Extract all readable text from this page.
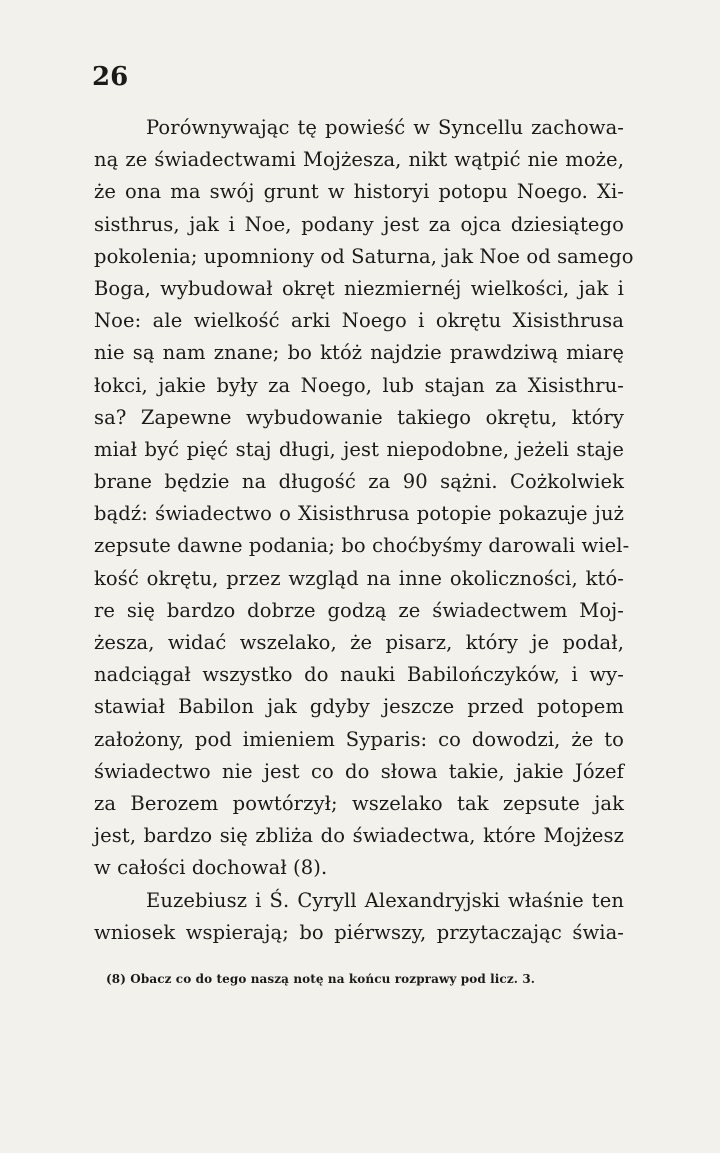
26
Porównywając tę powieść w Syncellu zachowa-
ną ze świadectwami Mojżesza, nikt wątpić nie może,
że ona ma swój grunt w historyi potopu Noego. Xi-
sisthrus, jak i Noe, podany jest za ojca dziesiątego
pokolenia; upomniony od Saturna, jak Noe od samego
Boga, wybudował okręt niezmiernéj wielkości, jak i
Noe: ale wielkość arki Noego i okrętu Xisisthrusa
nie są nam znane; bo któż najdzie prawdziwą miarę
łokci, jakie były za Noego, lub stajan za Xisisthru-
sa? Zapewne wybudowanie takiego okrętu, który
miał być pięć staj długi, jest niepodobne, jeżeli staje
brane będzie na długość za 90 sążni. Cożkolwiek
bądź: świadectwo o Xisisthrusa potopie pokazuje już
zepsute dawne podania; bo choćbyśmy darowali wiel-
kość okrętu, przez wzgląd na inne okoliczności, któ-
re się bardzo dobrze godzą ze świadectwem Moj-
żesza, widać wszelako, że pisarz, który je podał,
nadciągał wszystko do nauki Babilończyków, i wy-
stawiał Babilon jak gdyby jeszcze przed potopem
założony, pod imieniem Syparis: co dowodzi, że to
świadectwo nie jest co do słowa takie, jakie Józef
za Berozem powtórzył; wszelako tak zepsute jak
jest, bardzo się zbliża do świadectwa, które Mojżesz
w całości dochował (8).
Euzebiusz i Ś. Cyryll Alexandryjski właśnie ten
wniosek wspierają; bo piérwszy, przytaczając świa-
(8) Obacz co do tego naszą notę na końcu rozprawy pod licz. 3.
